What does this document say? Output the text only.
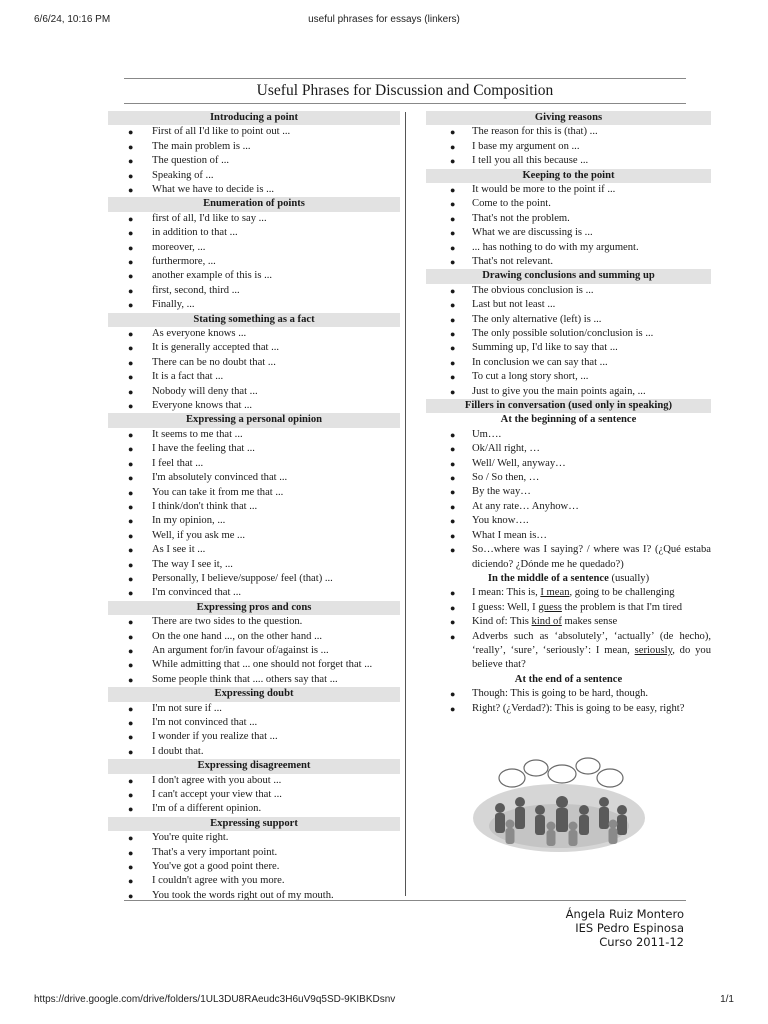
6/6/24, 10:16 PM	useful phrases for essays (linkers)
Useful Phrases for Discussion and Composition
Introducing a point
● First of all I'd like to point out ...
● The main problem is ...
● The question of ...
● Speaking of ...
● What we have to decide is ...
Enumeration of points
● first of all, I'd like to say ...
● in addition to that ...
● moreover, ...
● furthermore, ...
● another example of this is ...
● first, second, third ...
● Finally, ...
Stating something as a fact
● As everyone knows ...
● It is generally accepted that ...
● There can be no doubt that ...
● It is a fact that ...
● Nobody will deny that ...
● Everyone knows that ...
Expressing a personal opinion
● It seems to me that ...
● I have the feeling that ...
● I feel that ...
● I'm absolutely convinced that ...
● You can take it from me that ...
● I think/don't think that ...
● In my opinion, ...
● Well, if you ask me ...
● As I see it ...
● The way I see it, ...
● Personally, I believe/suppose/ feel (that) ...
● I'm convinced that ...
Expressing pros and cons
● There are two sides to the question.
● On the one hand ..., on the other hand ...
● An argument for/in favour of/against is ...
● While admitting that ... one should not forget that ...
● Some people think that .... others say that ...
Expressing doubt
● I'm not sure if ...
● I'm not convinced that ...
● I wonder if you realize that ...
● I doubt that.
Expressing disagreement
● I don't agree with you about ...
● I can't accept your view that ...
● I'm of a different opinion.
Expressing support
● You're quite right.
● That's a very important point.
● You've got a good point there.
● I couldn't agree with you more.
● You took the words right out of my mouth.
Giving reasons
● The reason for this is (that) ...
● I base my argument on ...
● I tell you all this because ...
Keeping to the point
● It would be more to the point if ...
● Come to the point.
● That's not the problem.
● What we are discussing is ...
● ... has nothing to do with my argument.
● That's not relevant.
Drawing conclusions and summing up
● The obvious conclusion is ...
● Last but not least ...
● The only alternative (left) is ...
● The only possible solution/conclusion is ...
● Summing up, I'd like to say that ...
● In conclusion we can say that ...
● To cut a long story short, ...
● Just to give you the main points again, ...
Fillers in conversation (used only in speaking)
At the beginning of a sentence
● Um….
● Ok/All right, …
● Well/ Well, anyway…
● So / So then, …
● By the way…
● At any rate… Anyhow…
● You know….
● What I mean is…
● So…where was I saying? / where was I? (¿Qué estaba diciendo? ¿Dónde me he quedado?)
In the middle of a sentence (usually)
● I mean: This is, I mean, going to be challenging
● I guess: Well, I guess the problem is that I'm tired
● Kind of: This kind of makes sense
● Adverbs such as ‘absolutely’, ‘actually’ (de hecho), ‘really’, ‘sure’, ‘seriously’: I mean, seriously, do you believe that?
At the end of a sentence
● Though: This is going to be hard, though.
● Right? (¿Verdad?): This is going to be easy, right?
Ángela Ruiz Montero
IES Pedro Espinosa
Curso 2011-12
https://drive.google.com/drive/folders/1UL3DU8RAeudc3H6uV9q5SD-9KIBKDsnv	1/1
